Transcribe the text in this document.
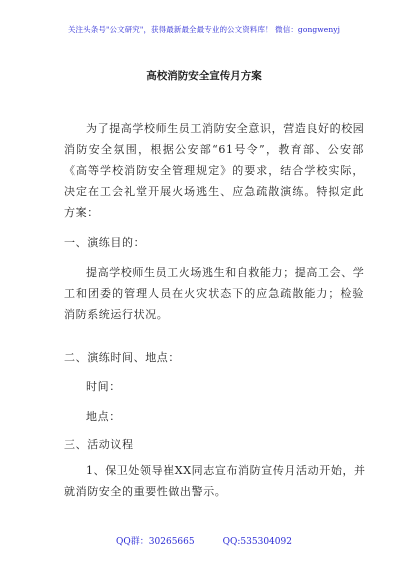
关注头条号"公文研究"，获得最新最全最专业的公文资料库！ 微信：gongwenyj
高校消防安全宣传月方案
为了提高学校师生员工消防安全意识，营造良好的校园
消防安全氛围，根据公安部“61号令”，教育部、公安部
《高等学校消防安全管理规定》的要求，结合学校实际，
决定在工会礼堂开展火场逃生、应急疏散演练。特拟定此
方案：
一、演练目的：
提高学校师生员工火场逃生和自救能力；提高工会、学
工和团委的管理人员在火灾状态下的应急疏散能力；检验
消防系统运行状况。
二、演练时间、地点：
时间：
地点：
三、活动议程
1、保卫处领导崔XX同志宣布消防宣传月活动开始，并
就消防安全的重要性做出警示。
QQ群：30265665	QQ:535304092
